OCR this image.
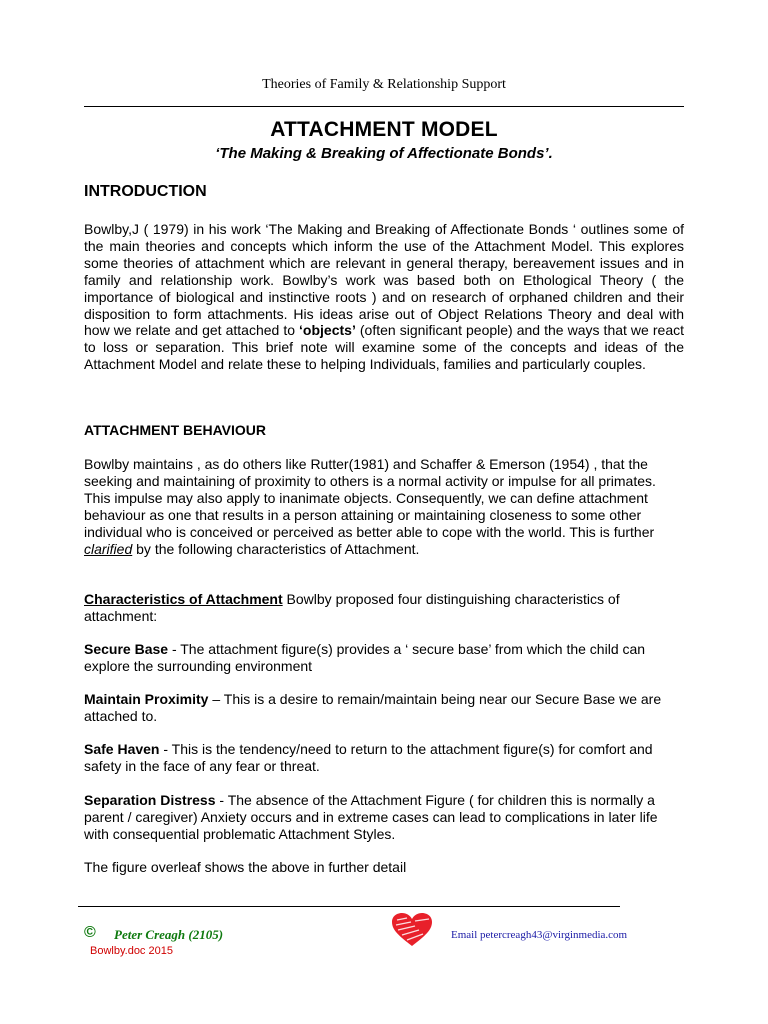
Theories of Family & Relationship Support
ATTACHMENT MODEL
‘The Making & Breaking of Affectionate Bonds’.
INTRODUCTION
Bowlby,J ( 1979) in his work ‘The Making and Breaking of Affectionate Bonds ‘ outlines some of the main theories and concepts which inform the use of the Attachment Model. This explores some theories of attachment which are relevant in general therapy, bereavement issues and in family and relationship work. Bowlby’s work was based both on Ethological Theory ( the importance of biological and instinctive roots ) and on research of orphaned children and their disposition to form attachments. His ideas arise out of Object Relations Theory and deal with how we relate and get attached to ‘objects’ (often significant people) and the ways that we react to loss or separation. This brief note will examine some of the concepts and ideas of the Attachment Model and relate these to helping Individuals, families and particularly couples.
ATTACHMENT BEHAVIOUR
Bowlby maintains , as do others like Rutter(1981) and Schaffer & Emerson (1954) , that the seeking and maintaining of proximity to others is a normal activity or impulse for all primates. This impulse may also apply to inanimate objects. Consequently, we can define attachment behaviour as one that results in a person attaining or maintaining closeness to some other individual who is conceived or perceived as better able to cope with the world. This is further clarified by the following characteristics of Attachment.
Characteristics of Attachment Bowlby proposed four distinguishing characteristics of attachment:
Secure Base - The attachment figure(s) provides a ‘ secure base’ from which the child can explore the surrounding environment
Maintain Proximity – This is a desire to remain/maintain being near our Secure Base we are attached to.
Safe Haven - This is the tendency/need to return to the attachment figure(s) for comfort and safety in the face of any fear or threat.
Separation Distress - The absence of the Attachment Figure ( for children this is normally a parent / caregiver) Anxiety occurs and in extreme cases can lead to complications in later life with consequential problematic Attachment Styles.
The figure overleaf shows the above in further detail
© Peter Creagh (2105)
Bowlby.doc 2015
Email petercreagh43@virginmedia.com
